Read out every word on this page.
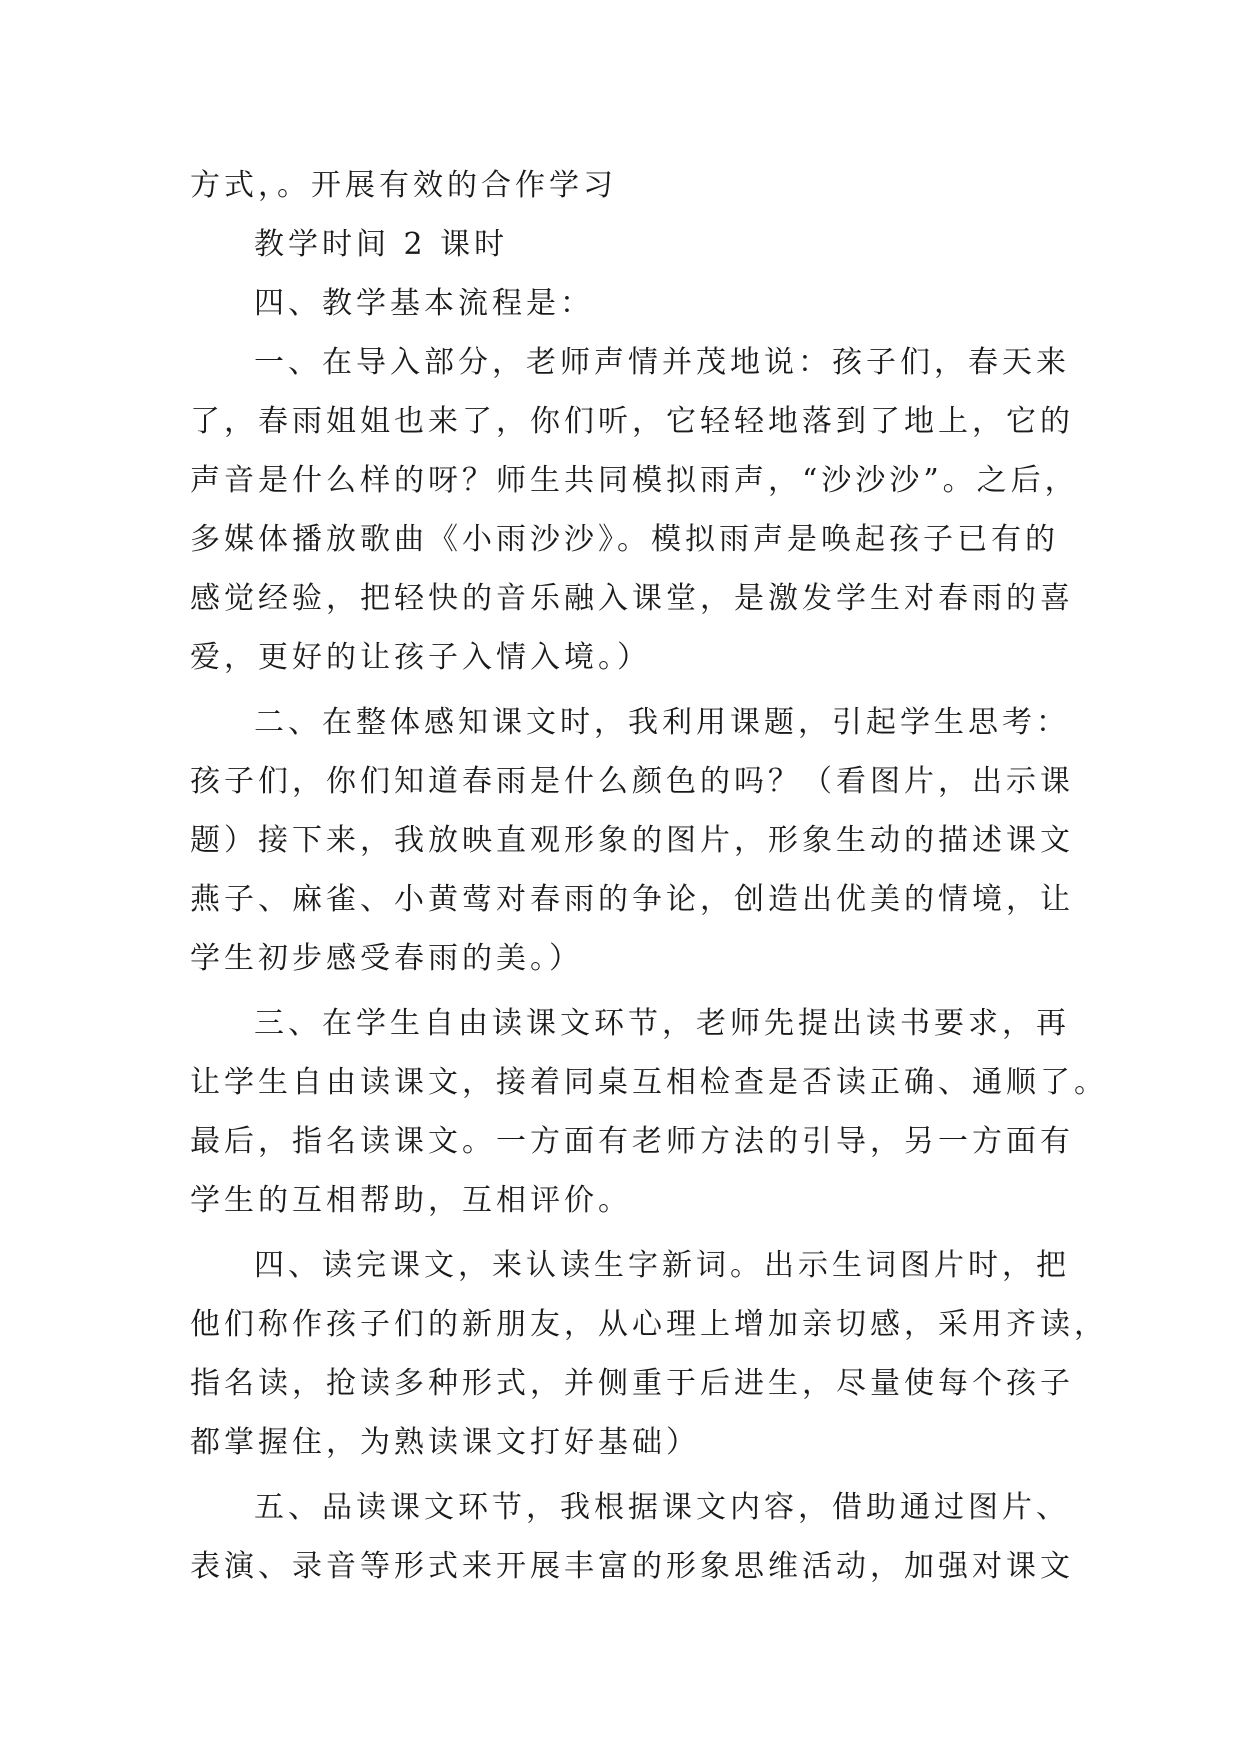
方式，。开展有效的合作学习
教学时间 2 课时
四、教学基本流程是：
一、在导入部分，老师声情并茂地说：孩子们，春天来
了，春雨姐姐也来了，你们听，它轻轻地落到了地上，它的
声音是什么样的呀？师生共同模拟雨声，“沙沙沙”。之后，
多媒体播放歌曲《小雨沙沙》。模拟雨声是唤起孩子已有的
感觉经验，把轻快的音乐融入课堂，是激发学生对春雨的喜
爱，更好的让孩子入情入境。）
二、在整体感知课文时，我利用课题，引起学生思考：
孩子们，你们知道春雨是什么颜色的吗？（看图片，出示课
题）接下来，我放映直观形象的图片，形象生动的描述课文
燕子、麻雀、小黄莺对春雨的争论，创造出优美的情境，让
学生初步感受春雨的美。）
三、在学生自由读课文环节，老师先提出读书要求，再
让学生自由读课文，接着同桌互相检查是否读正确、通顺了。
最后，指名读课文。一方面有老师方法的引导，另一方面有
学生的互相帮助，互相评价。
四、读完课文，来认读生字新词。出示生词图片时，把
他们称作孩子们的新朋友，从心理上增加亲切感，采用齐读，
指名读，抢读多种形式，并侧重于后进生，尽量使每个孩子
都掌握住，为熟读课文打好基础）
五、品读课文环节，我根据课文内容，借助通过图片、
表演、录音等形式来开展丰富的形象思维活动，加强对课文
